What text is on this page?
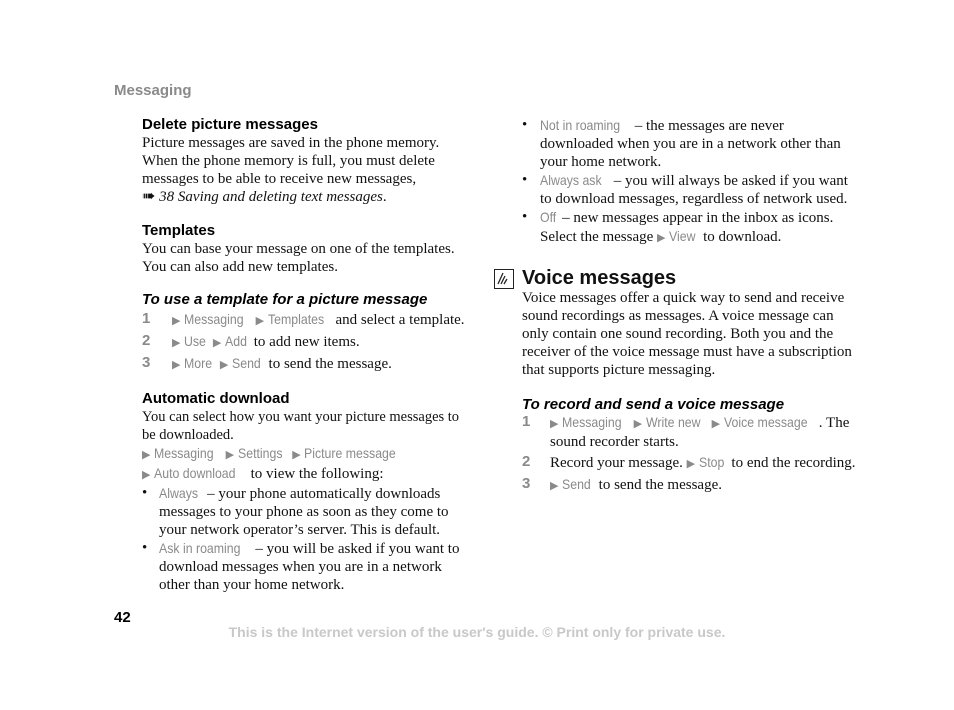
Messaging
Delete picture messages

Picture messages are saved in the phone memory. When the phone memory is full, you must delete messages to be able to receive new messages,

➠ 38 Saving and deleting text messages.

Templates

You can base your message on one of the templates. You can also add new templates.

To use a template for a picture message
1 ▶ Messaging ▶ Templates and select a template.
2 ▶ Use ▶ Add to add new items.
3 ▶ More ▶ Send to send the message.
Automatic download

You can select how you want your picture messages to be downloaded.

▶ Messaging ▶ Settings ▶ Picture message

▶ Auto download to view the following:

• Always – your phone automatically downloads messages to your phone as soon as they come to your network operator’s server. This is default.
• Ask in roaming – you will be asked if you want to download messages when you are in a network other than your home network.
• Not in roaming – the messages are never downloaded when you are in a network other than your home network.
• Always ask – you will always be asked if you want to download messages, regardless of network used.
• Off – new messages appear in the inbox as icons. Select the message ▶ View to download.
Voice messages

Voice messages offer a quick way to send and receive sound recordings as messages. A voice message can only contain one sound recording. Both you and the receiver of the voice message must have a subscription that supports picture messaging.

To record and send a voice message
1 ▶ Messaging ▶ Write new ▶ Voice message . The sound recorder starts.
2 Record your message. ▶ Stop to end the recording.
3 ▶ Send to send the message.
42
This is the Internet version of the user's guide. © Print only for private use.
